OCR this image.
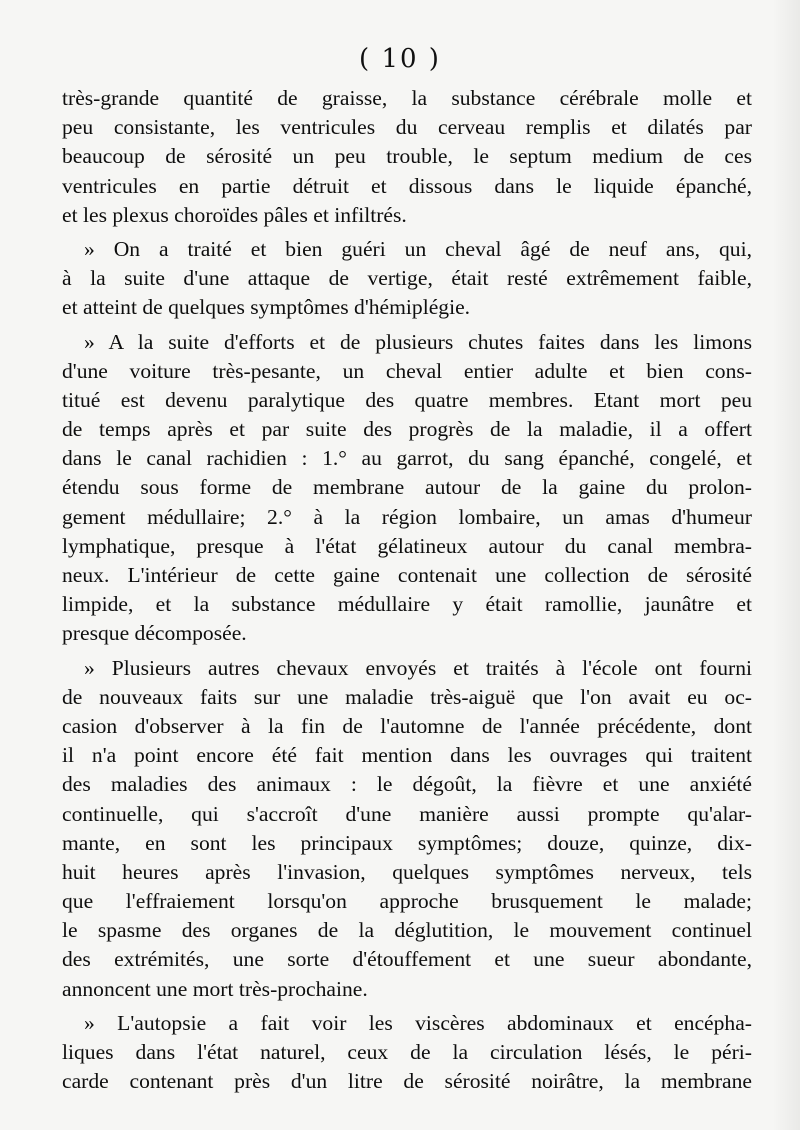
( 10 )
très-grande quantité de graisse, la substance cérébrale molle et
peu consistante, les ventricules du cerveau remplis et dilatés par
beaucoup de sérosité un peu trouble, le septum medium de ces
ventricules en partie détruit et dissous dans le liquide épanché,
et les plexus choroïdes pâles et infiltrés.
» On a traité et bien guéri un cheval âgé de neuf ans, qui,
à la suite d'une attaque de vertige, était resté extrêmement faible,
et atteint de quelques symptômes d'hémiplégie.
» A la suite d'efforts et de plusieurs chutes faites dans les limons
d'une voiture très-pesante, un cheval entier adulte et bien cons-
titué est devenu paralytique des quatre membres. Etant mort peu
de temps après et par suite des progrès de la maladie, il a offert
dans le canal rachidien : 1.° au garrot, du sang épanché, congelé, et
étendu sous forme de membrane autour de la gaine du prolon-
gement médullaire; 2.° à la région lombaire, un amas d'humeur
lymphatique, presque à l'état gélatineux autour du canal membra-
neux. L'intérieur de cette gaine contenait une collection de sérosité
limpide, et la substance médullaire y était ramollie, jaunâtre et
presque décomposée.
» Plusieurs autres chevaux envoyés et traités à l'école ont fourni
de nouveaux faits sur une maladie très-aiguë que l'on avait eu oc-
casion d'observer à la fin de l'automne de l'année précédente, dont
il n'a point encore été fait mention dans les ouvrages qui traitent
des maladies des animaux : le dégoût, la fièvre et une anxiété
continuelle, qui s'accroît d'une manière aussi prompte qu'alar-
mante, en sont les principaux symptômes; douze, quinze, dix-
huit heures après l'invasion, quelques symptômes nerveux, tels
que l'effraiement lorsqu'on approche brusquement le malade;
le spasme des organes de la déglutition, le mouvement continuel
des extrémités, une sorte d'étouffement et une sueur abondante,
annoncent une mort très-prochaine.
» L'autopsie a fait voir les viscères abdominaux et encépha-
liques dans l'état naturel, ceux de la circulation lésés, le péri-
carde contenant près d'un litre de sérosité noirâtre, la membrane
